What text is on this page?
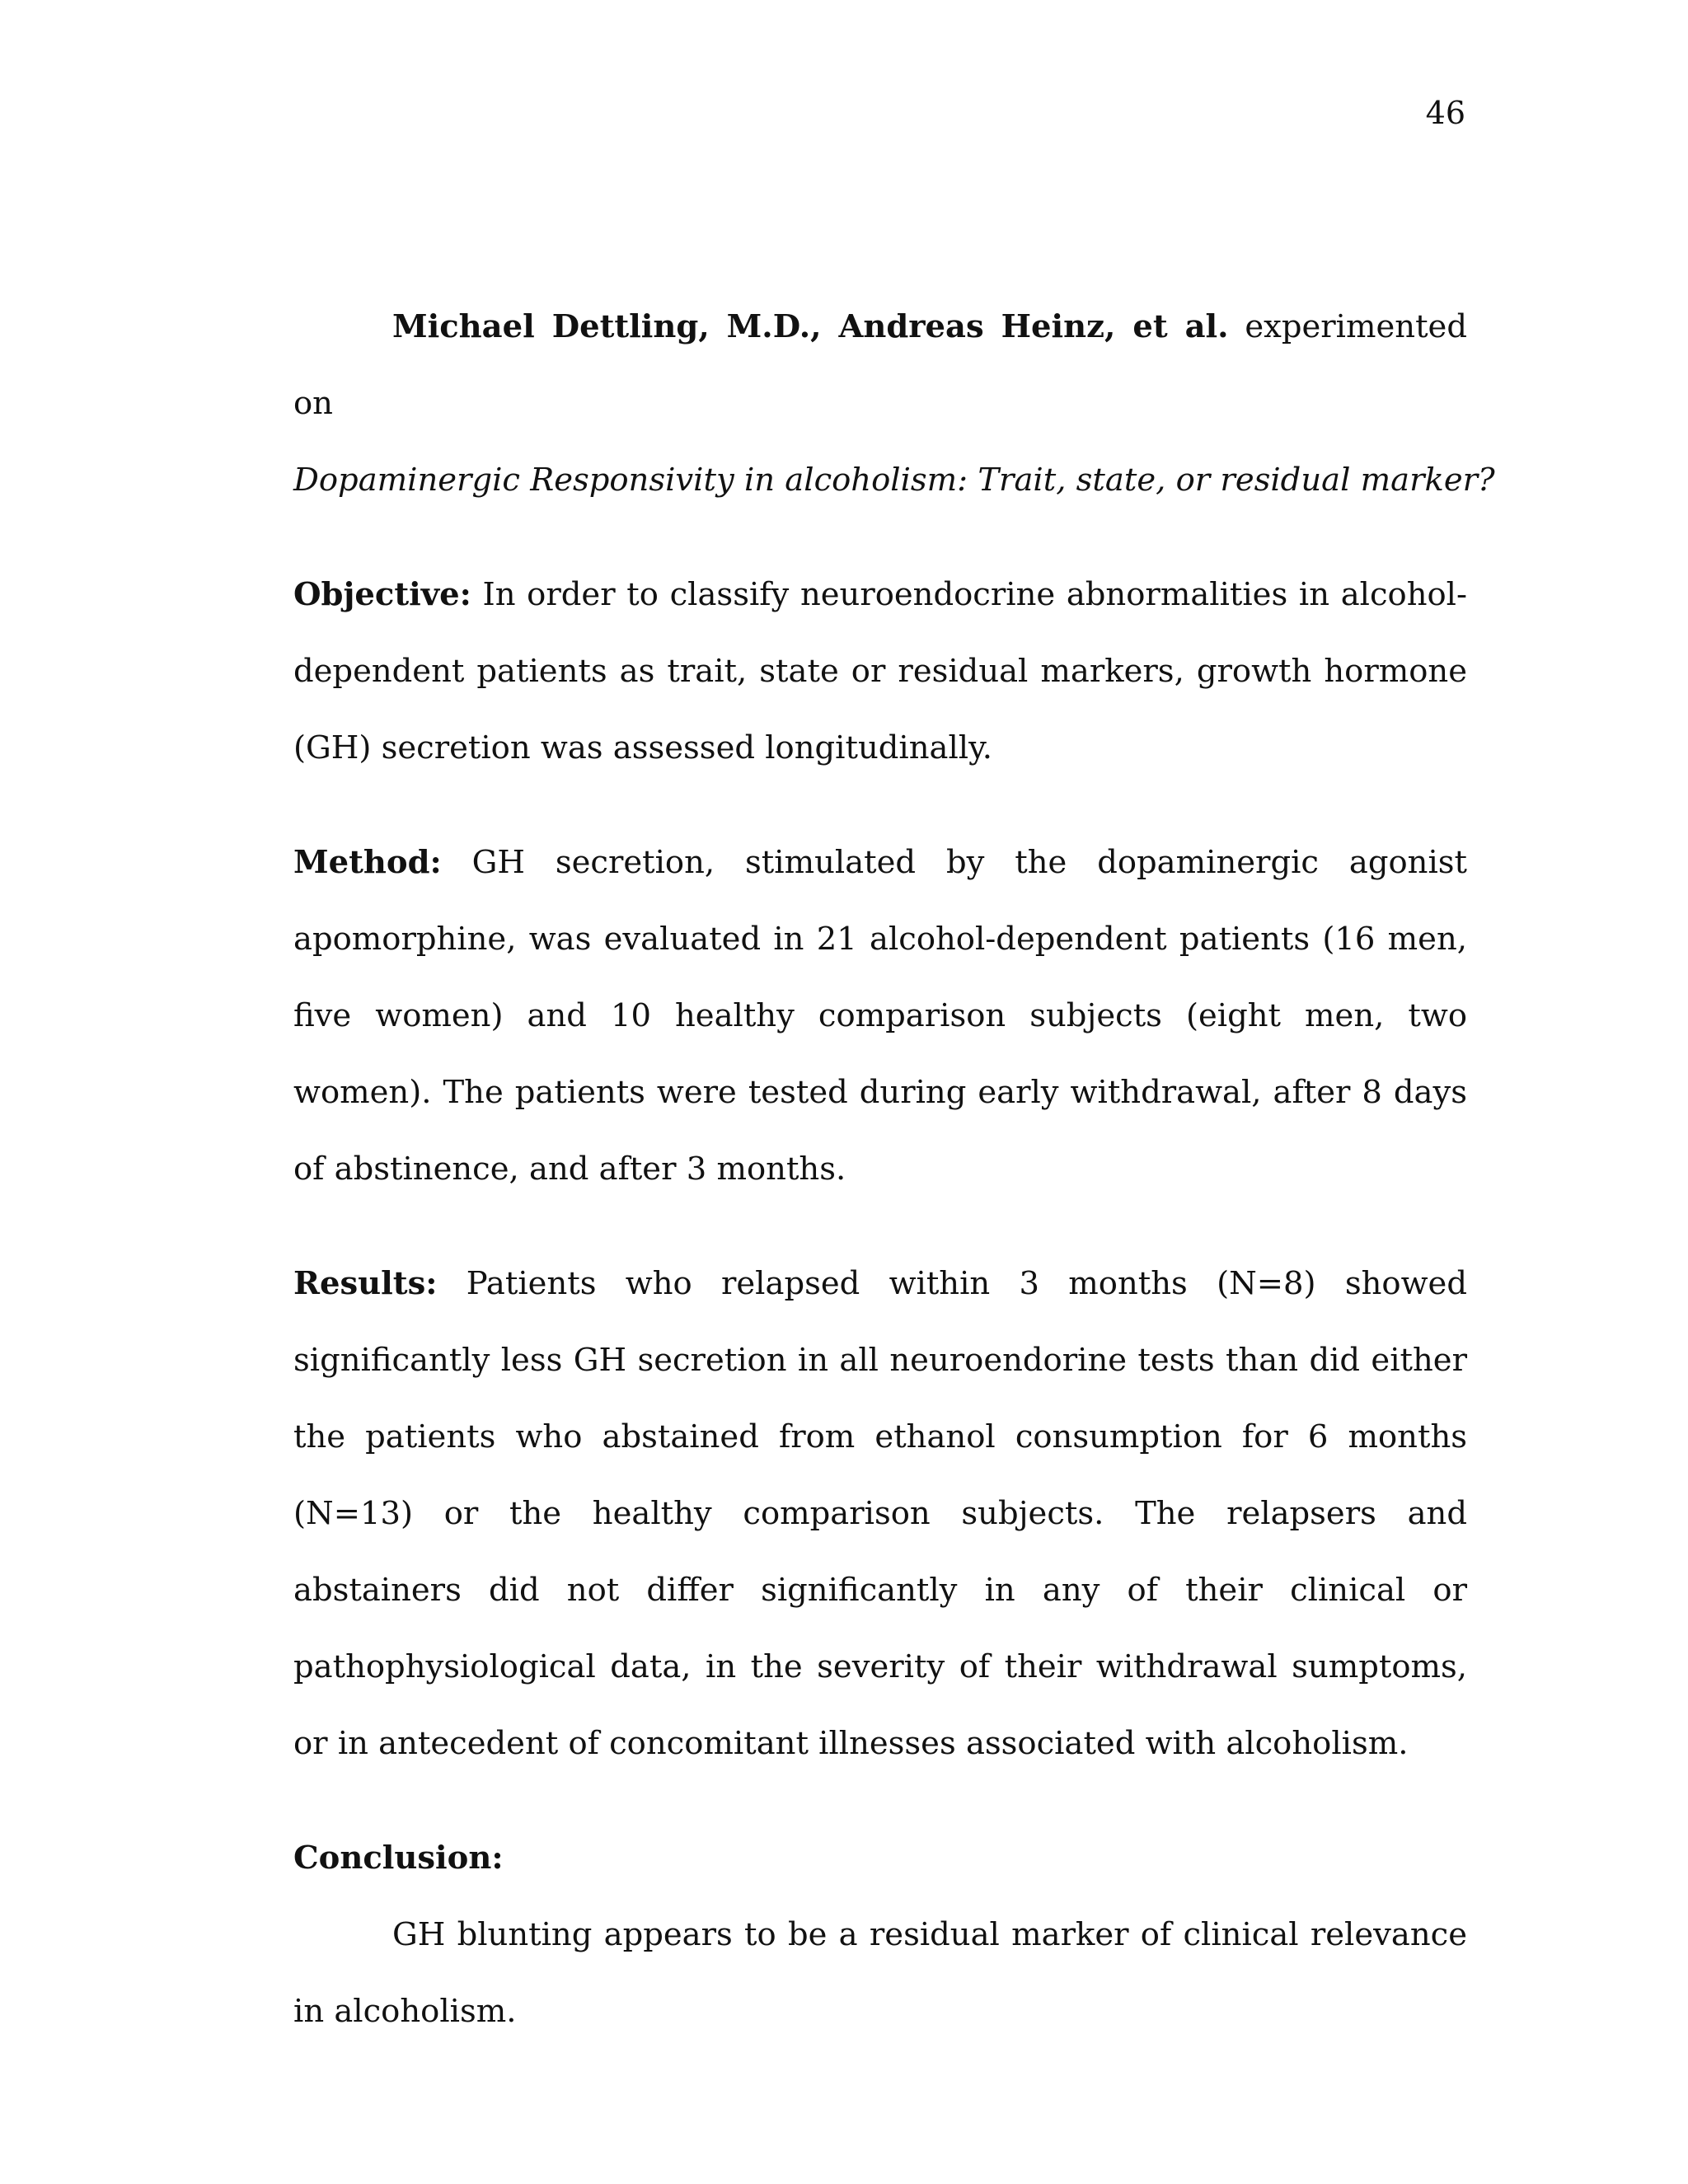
46

Michael Dettling, M.D., Andreas Heinz, et al. experimented on Dopaminergic Responsivity in alcoholism: Trait, state, or residual marker?

Objective: In order to classify neuroendocrine abnormalities in alcohol-dependent patients as trait, state or residual markers, growth hormone (GH) secretion was assessed longitudinally.

Method: GH secretion, stimulated by the dopaminergic agonist apomorphine, was evaluated in 21 alcohol-dependent patients (16 men, five women) and 10 healthy comparison subjects (eight men, two women). The patients were tested during early withdrawal, after 8 days of abstinence, and after 3 months.

Results: Patients who relapsed within 3 months (N=8) showed significantly less GH secretion in all neuroendorine tests than did either the patients who abstained from ethanol consumption for 6 months (N=13) or the healthy comparison subjects. The relapsers and abstainers did not differ significantly in any of their clinical or pathophysiological data, in the severity of their withdrawal sumptoms, or in antecedent of concomitant illnesses associated with alcoholism.

Conclusion:

GH blunting appears to be a residual marker of clinical relevance in alcoholism.
